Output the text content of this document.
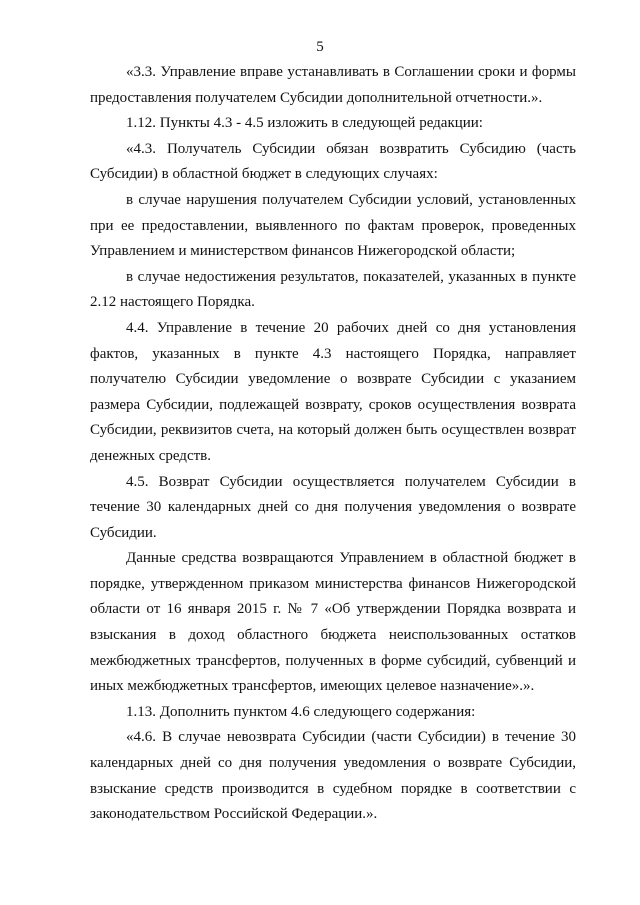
5

«3.3. Управление вправе устанавливать в Соглашении сроки и формы предоставления получателем Субсидии дополнительной отчетности.».

1.12. Пункты 4.3 - 4.5 изложить в следующей редакции:

«4.3. Получатель Субсидии обязан возвратить Субсидию (часть Субсидии) в областной бюджет в следующих случаях:

в случае нарушения получателем Субсидии условий, установленных при ее предоставлении, выявленного по фактам проверок, проведенных Управлением и министерством финансов Нижегородской области;

в случае недостижения результатов, показателей, указанных в пункте 2.12 настоящего Порядка.

4.4. Управление в течение 20 рабочих дней со дня установления фактов, указанных в пункте 4.3 настоящего Порядка, направляет получателю Субсидии уведомление о возврате Субсидии с указанием размера Субсидии, подлежащей возврату, сроков осуществления возврата Субсидии, реквизитов счета, на который должен быть осуществлен возврат денежных средств.

4.5. Возврат Субсидии осуществляется получателем Субсидии в течение 30 календарных дней со дня получения уведомления о возврате Субсидии.

Данные средства возвращаются Управлением в областной бюджет в порядке, утвержденном приказом министерства финансов Нижегородской области от 16 января 2015 г. № 7 «Об утверждении Порядка возврата и взыскания в доход областного бюджета неиспользованных остатков межбюджетных трансфертов, полученных в форме субсидий, субвенций и иных межбюджетных трансфертов, имеющих целевое назначение».».

1.13. Дополнить пунктом 4.6 следующего содержания:

«4.6. В случае невозврата Субсидии (части Субсидии) в течение 30 календарных дней со дня получения уведомления о возврате Субсидии, взыскание средств производится в судебном порядке в соответствии с законодательством Российской Федерации.».
